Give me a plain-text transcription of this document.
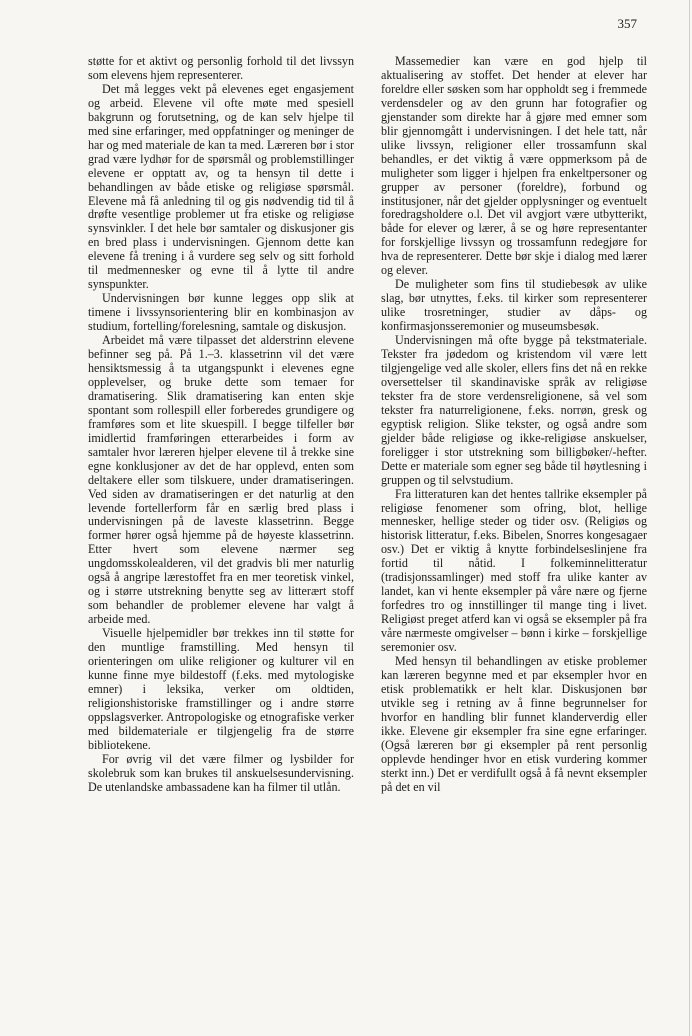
357

støtte for et aktivt og personlig forhold til det livssyn som elevens hjem representerer.

Det må legges vekt på elevenes eget engasjement og arbeid. Elevene vil ofte møte med spesiell bakgrunn og forutsetning, og de kan selv hjelpe til med sine erfaringer, med oppfatninger og meninger de har og med materiale de kan ta med. Læreren bør i stor grad være lydhør for de spørsmål og problemstillinger elevene er opptatt av, og ta hensyn til dette i behandlingen av både etiske og religiøse spørsmål. Elevene må få anledning til og gis nødvendig tid til å drøfte vesentlige problemer ut fra etiske og religiøse synsvinkler. I det hele bør samtaler og diskusjoner gis en bred plass i undervisningen. Gjennom dette kan elevene få trening i å vurdere seg selv og sitt forhold til medmennesker og evne til å lytte til andre synspunkter.

Undervisningen bør kunne legges opp slik at timene i livssynsorientering blir en kombinasjon av studium, fortelling/forelesning, samtale og diskusjon.

Arbeidet må være tilpasset det alderstrinn elevene befinner seg på. På 1.–3. klassetrinn vil det være hensiktsmessig å ta utgangspunkt i elevenes egne opplevelser, og bruke dette som temaer for dramatisering. Slik dramatisering kan enten skje spontant som rollespill eller forberedes grundigere og framføres som et lite skuespill. I begge tilfeller bør imidlertid framføringen etterarbeides i form av samtaler hvor læreren hjelper elevene til å trekke sine egne konklusjoner av det de har opplevd, enten som deltakere eller som tilskuere, under dramatiseringen. Ved siden av dramatiseringen er det naturlig at den levende fortellerform får en særlig bred plass i undervisningen på de laveste klassetrinn. Begge former hører også hjemme på de høyeste klassetrinn. Etter hvert som elevene nærmer seg ungdomsskolealderen, vil det gradvis bli mer naturlig også å angripe lærestoffet fra en mer teoretisk vinkel, og i større utstrekning benytte seg av litterært stoff som behandler de problemer elevene har valgt å arbeide med.

Visuelle hjelpemidler bør trekkes inn til støtte for den muntlige framstilling. Med hensyn til orienteringen om ulike religioner og kulturer vil en kunne finne mye bildestoff (f.eks. med mytologiske emner) i leksika, verker om oldtiden, religionshistoriske framstillinger og i andre større oppslagsverker. Antropologiske og etnografiske verker med bildemateriale er tilgjengelig fra de større bibliotekene.

For øvrig vil det være filmer og lysbilder for skolebruk som kan brukes til anskuelsesundervisning. De utenlandske ambassadene kan ha filmer til utlån.

Massemedier kan være en god hjelp til aktualisering av stoffet. Det hender at elever har foreldre eller søsken som har oppholdt seg i fremmede verdensdeler og av den grunn har fotografier og gjenstander som direkte har å gjøre med emner som blir gjennomgått i undervisningen. I det hele tatt, når ulike livssyn, religioner eller trossamfunn skal behandles, er det viktig å være oppmerksom på de muligheter som ligger i hjelpen fra enkeltpersoner og grupper av personer (foreldre), forbund og institusjoner, når det gjelder opplysninger og eventuelt foredragsholdere o.l. Det vil avgjort være utbytterikt, både for elever og lærer, å se og høre representanter for forskjellige livssyn og trossamfunn redegjøre for hva de representerer. Dette bør skje i dialog med lærer og elever.

De muligheter som fins til studiebesøk av ulike slag, bør utnyttes, f.eks. til kirker som representerer ulike trosretninger, studier av dåps- og konfirmasjonsseremonier og museumsbesøk.

Undervisningen må ofte bygge på tekstmateriale. Tekster fra jødedom og kristendom vil være lett tilgjengelige ved alle skoler, ellers fins det nå en rekke oversettelser til skandinaviske språk av religiøse tekster fra de store verdensreligionene, så vel som tekster fra naturreligionene, f.eks. norrøn, gresk og egyptisk religion. Slike tekster, og også andre som gjelder både religiøse og ikke-religiøse anskuelser, foreligger i stor utstrekning som billigbøker/-hefter. Dette er materiale som egner seg både til høytlesning i gruppen og til selvstudium.

Fra litteraturen kan det hentes tallrike eksempler på religiøse fenomener som ofring, blot, hellige mennesker, hellige steder og tider osv. (Religiøs og historisk litteratur, f.eks. Bibelen, Snorres kongesagaer osv.) Det er viktig å knytte forbindelseslinjene fra fortid til nåtid. I folkeminnelitteratur (tradisjonssamlinger) med stoff fra ulike kanter av landet, kan vi hente eksempler på våre nære og fjerne forfedres tro og innstillinger til mange ting i livet. Religiøst preget atferd kan vi også se eksempler på fra våre nærmeste omgivelser – bønn i kirke – forskjellige seremonier osv.

Med hensyn til behandlingen av etiske problemer kan læreren begynne med et par eksempler hvor en etisk problematikk er helt klar. Diskusjonen bør utvikle seg i retning av å finne begrunnelser for hvorfor en handling blir funnet klanderverdig eller ikke. Elevene gir eksempler fra sine egne erfaringer. (Også læreren bør gi eksempler på rent personlig opplevde hendinger hvor en etisk vurdering kommer sterkt inn.) Det er verdifullt også å få nevnt eksempler på det en vil
